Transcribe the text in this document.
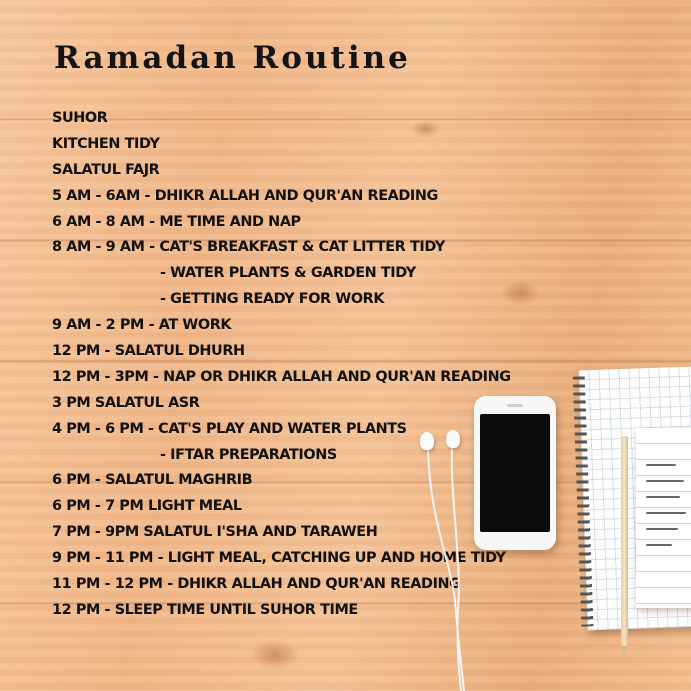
Ramadan Routine
SUHOR
KITCHEN TIDY
SALATUL FAJR
5 AM - 6AM - DHIKR ALLAH AND QUR'AN READING
6 AM - 8 AM - ME TIME AND NAP
8 AM - 9 AM - CAT'S BREAKFAST & CAT LITTER TIDY
- WATER PLANTS & GARDEN TIDY
- GETTING READY FOR WORK
9 AM - 2 PM - AT WORK
12 PM - SALATUL DHURH
12 PM - 3PM - NAP OR DHIKR ALLAH AND QUR'AN READING
3 PM SALATUL ASR
4 PM - 6 PM - CAT'S PLAY AND WATER PLANTS
- IFTAR PREPARATIONS
6 PM - SALATUL MAGHRIB
6 PM - 7 PM LIGHT MEAL
7 PM - 9PM SALATUL I'SHA AND TARAWEH
9 PM - 11 PM - LIGHT MEAL, CATCHING UP AND HOME TIDY
11 PM - 12 PM - DHIKR ALLAH AND QUR'AN READING
12 PM - SLEEP TIME UNTIL SUHOR TIME
